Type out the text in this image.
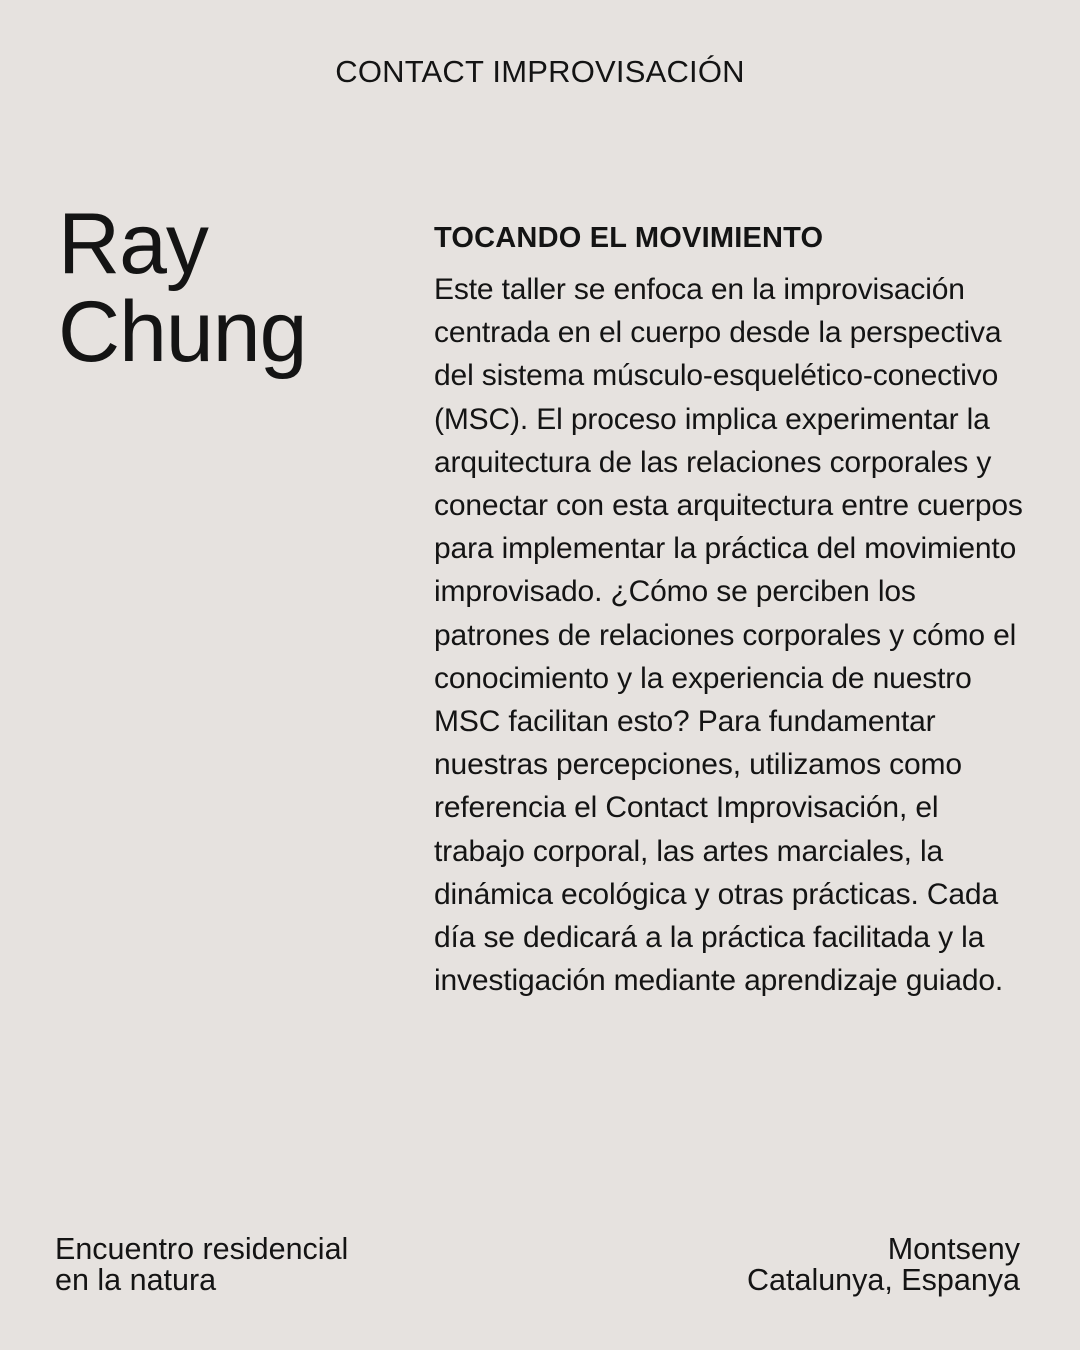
CONTACT IMPROVISACIÓN
Ray
Chung

TOCANDO EL MOVIMIENTO

Este taller se enfoca en la improvisación centrada en el cuerpo desde la perspectiva del sistema músculo-esquelético-conectivo (MSC). El proceso implica experimentar la arquitectura de las relaciones corporales y conectar con esta arquitectura entre cuerpos para implementar la práctica del movimiento improvisado. ¿Cómo se perciben los patrones de relaciones corporales y cómo el conocimiento y la experiencia de nuestro MSC facilitan esto? Para fundamentar nuestras percepciones, utilizamos como referencia el Contact Improvisación, el trabajo corporal, las artes marciales, la dinámica ecológica y otras prácticas. Cada día se dedicará a la práctica facilitada y la investigación mediante aprendizaje guiado.

Encuentro residencial
en la natura
Montseny
Catalunya, Espanya
